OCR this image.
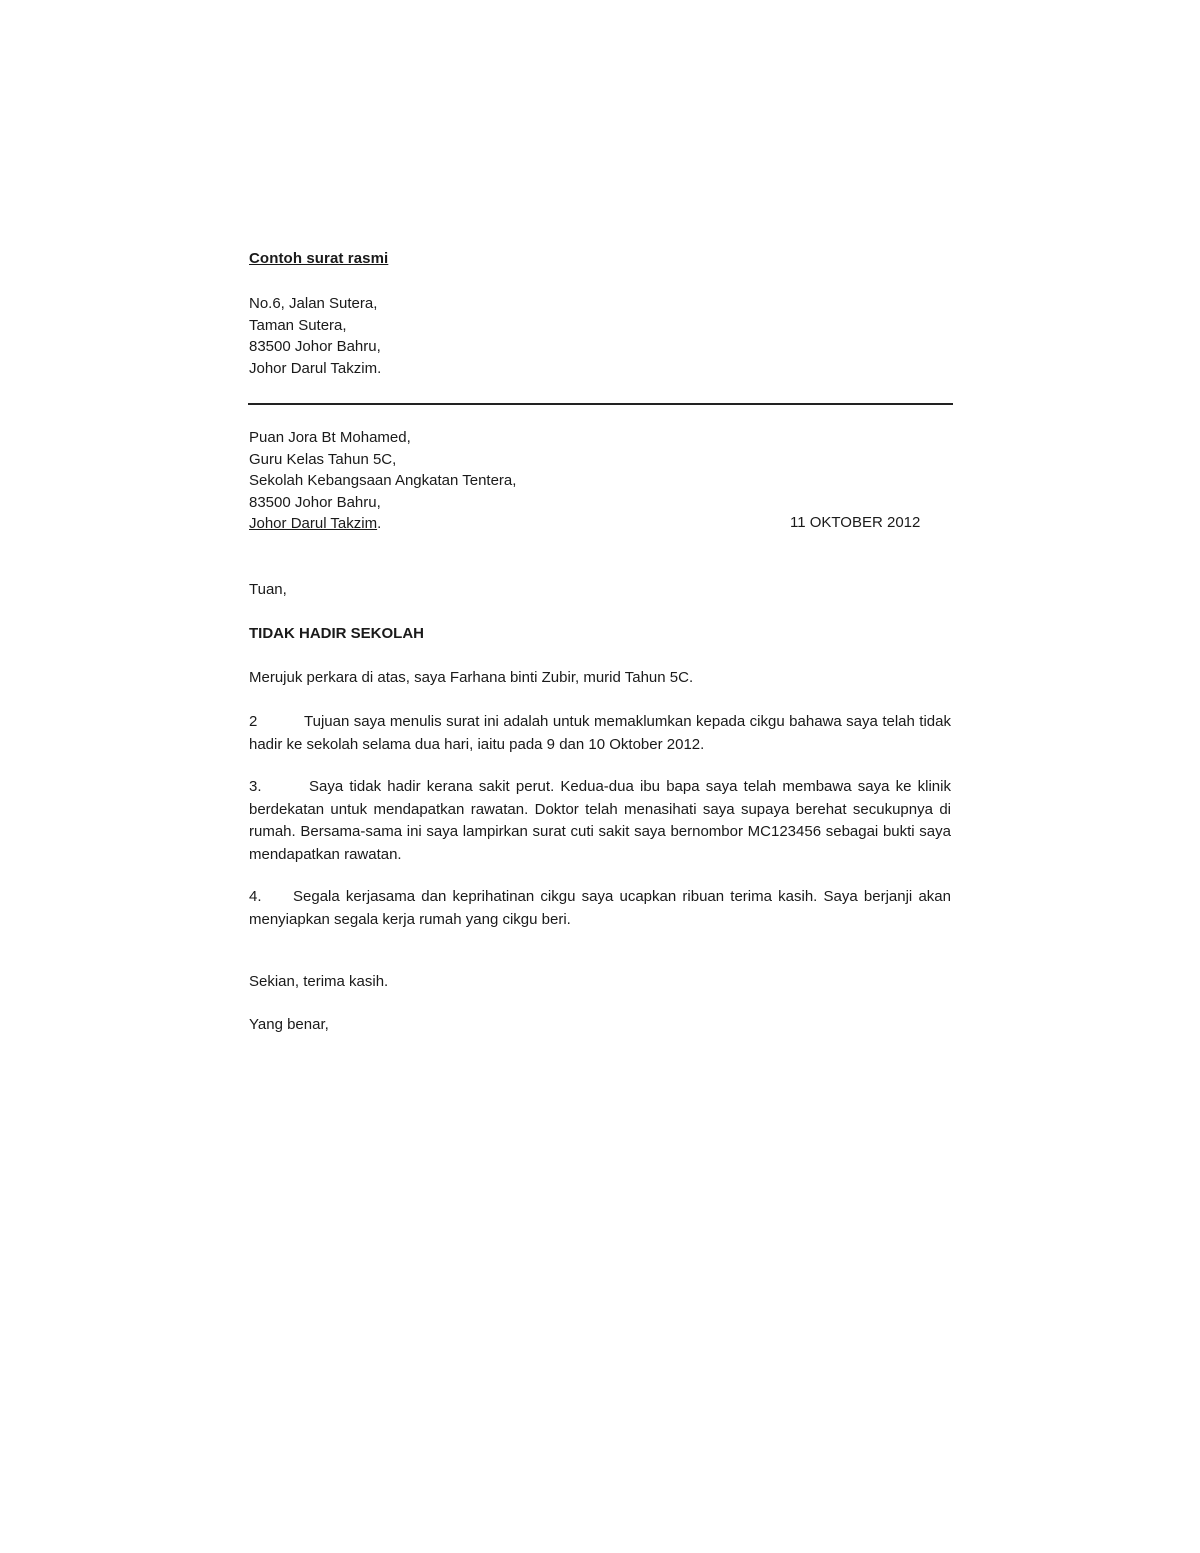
Contoh surat rasmi
No.6, Jalan Sutera,
Taman Sutera,
83500 Johor Bahru,
Johor Darul Takzim.
Puan Jora Bt Mohamed,
Guru Kelas Tahun 5C,
Sekolah Kebangsaan Angkatan Tentera,
83500 Johor Bahru,
Johor Darul Takzim.	11 OKTOBER 2012
Tuan,
TIDAK HADIR SEKOLAH
Merujuk perkara di atas, saya Farhana binti Zubir, murid Tahun 5C.
2	Tujuan saya menulis surat ini adalah untuk memaklumkan kepada cikgu bahawa saya telah tidak hadir ke sekolah selama dua hari, iaitu pada 9 dan 10 Oktober 2012.
3.	Saya tidak hadir kerana sakit perut. Kedua-dua ibu bapa saya telah membawa saya ke klinik berdekatan untuk mendapatkan rawatan. Doktor telah menasihati saya supaya berehat secukupnya di rumah. Bersama-sama ini saya lampirkan surat cuti sakit saya bernombor MC123456 sebagai bukti saya mendapatkan rawatan.
4. Segala kerjasama dan keprihatinan cikgu saya ucapkan ribuan terima kasih. Saya berjanji akan menyiapkan segala kerja rumah yang cikgu beri.
Sekian, terima kasih.
Yang benar,
